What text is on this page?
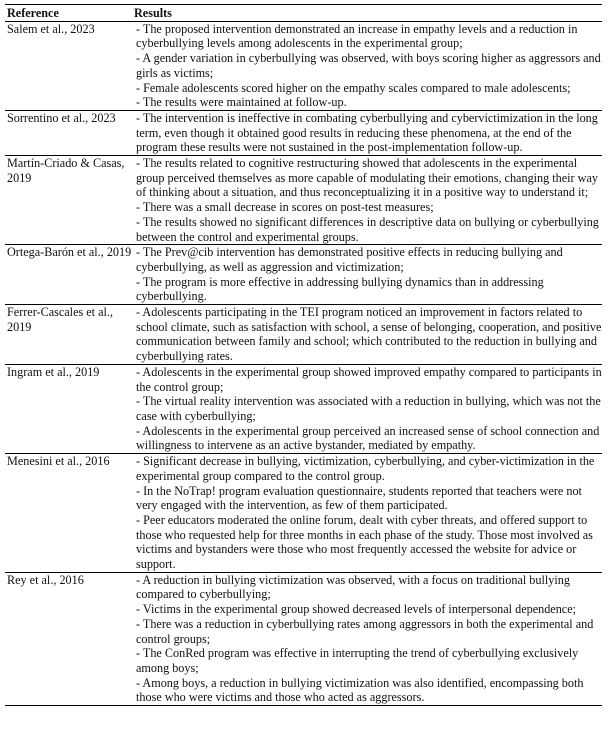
Reference	Results
Salem et al., 2023	- The proposed intervention demonstrated an increase in empathy levels and a reduction in cyberbullying levels among adolescents in the experimental group;
- A gender variation in cyberbullying was observed, with boys scoring higher as aggressors and girls as victims;
- Female adolescents scored higher on the empathy scales compared to male adolescents;
- The results were maintained at follow-up.

Sorrentino et al., 2023	- The intervention is ineffective in combating cyberbullying and cybervictimization in the long term, even though it obtained good results in reducing these phenomena, at the end of the program these results were not sustained in the post-implementation follow-up.

Martín-Criado & Casas, 2019	- The results related to cognitive restructuring showed that adolescents in the experimental group perceived themselves as more capable of modulating their emotions, changing their way of thinking about a situation, and thus reconceptualizing it in a positive way to understand it;
- There was a small decrease in scores on post-test measures;
- The results showed no significant differences in descriptive data on bullying or cyberbullying between the control and experimental groups.

Ortega-Barón et al., 2019	- The Prev@cib intervention has demonstrated positive effects in reducing bullying and cyberbullying, as well as aggression and victimization;
- The program is more effective in addressing bullying dynamics than in addressing cyberbullying.

Ferrer-Cascales et al., 2019	- Adolescents participating in the TEI program noticed an improvement in factors related to school climate, such as satisfaction with school, a sense of belonging, cooperation, and positive communication between family and school; which contributed to the reduction in bullying and cyberbullying rates.

Ingram et al., 2019	- Adolescents in the experimental group showed improved empathy compared to participants in the control group;
- The virtual reality intervention was associated with a reduction in bullying, which was not the case with cyberbullying;
- Adolescents in the experimental group perceived an increased sense of school connection and willingness to intervene as an active bystander, mediated by empathy.

Menesini et al., 2016	- Significant decrease in bullying, victimization, cyberbullying, and cyber-victimization in the experimental group compared to the control group.
- In the NoTrap! program evaluation questionnaire, students reported that teachers were not very engaged with the intervention, as few of them participated.
- Peer educators moderated the online forum, dealt with cyber threats, and offered support to those who requested help for three months in each phase of the study. Those most involved as victims and bystanders were those who most frequently accessed the website for advice or support.

Rey et al., 2016	- A reduction in bullying victimization was observed, with a focus on traditional bullying compared to cyberbullying;
- Victims in the experimental group showed decreased levels of interpersonal dependence;
- There was a reduction in cyberbullying rates among aggressors in both the experimental and control groups;
- The ConRed program was effective in interrupting the trend of cyberbullying exclusively among boys;
- Among boys, a reduction in bullying victimization was also identified, encompassing both those who were victims and those who acted as aggressors.
